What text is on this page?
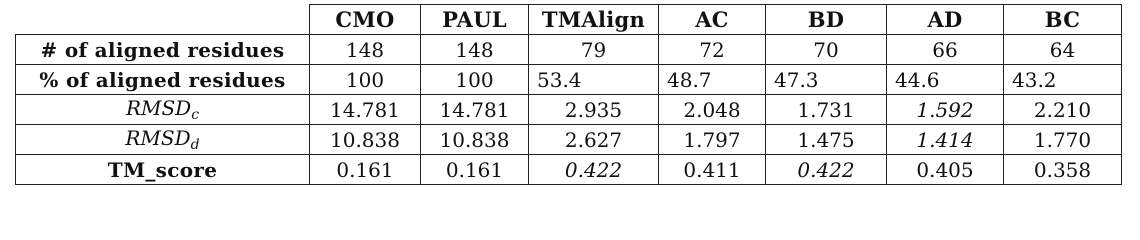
	CMO	PAUL	TMAlign	AC	BD	AD	BC
# of aligned residues	148	148	79	72	70	66	64
% of aligned residues	100	100	53.4	48.7	47.3	44.6	43.2
$RMSD_c$	14.781	14.781	2.935	2.048	1.731	1.592	2.210
$RMSD_d$	10.838	10.838	2.627	1.797	1.475	1.414	1.770
TM_score	0.161	0.161	0.422	0.411	0.422	0.405	0.358
